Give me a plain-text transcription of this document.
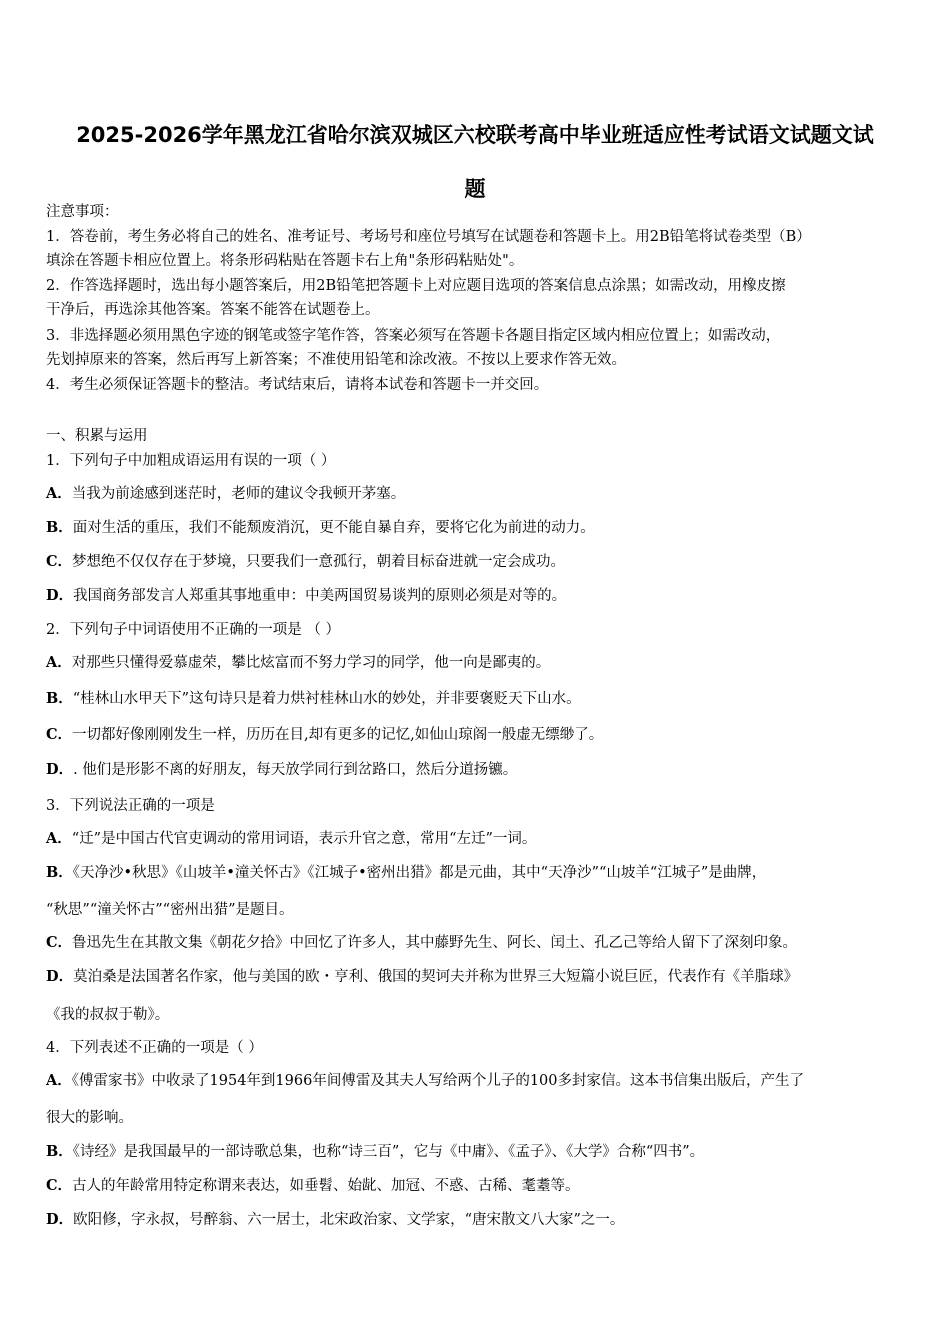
2025-2026学年黑龙江省哈尔滨双城区六校联考高中毕业班适应性考试语文试题文试
题
注意事项：
1．答卷前，考生务必将自己的姓名、准考证号、考场号和座位号填写在试题卷和答题卡上。用2B铅笔将试卷类型（B）
填涂在答题卡相应位置上。将条形码粘贴在答题卡右上角"条形码粘贴处"。
2．作答选择题时，选出每小题答案后，用2B铅笔把答题卡上对应题目选项的答案信息点涂黑；如需改动，用橡皮擦
干净后，再选涂其他答案。答案不能答在试题卷上。
3．非选择题必须用黑色字迹的钢笔或签字笔作答，答案必须写在答题卡各题目指定区域内相应位置上；如需改动，
先划掉原来的答案，然后再写上新答案；不准使用铅笔和涂改液。不按以上要求作答无效。
4．考生必须保证答题卡的整洁。考试结束后，请将本试卷和答题卡一并交回。
一、积累与运用
1．下列句子中加粗成语运用有误的一项（ ）
A．当我为前途感到迷茫时，老师的建议令我顿开茅塞。
B．面对生活的重压，我们不能颓废消沉，更不能自暴自弃，要将它化为前进的动力。
C．梦想绝不仅仅存在于梦境，只要我们一意孤行，朝着目标奋进就一定会成功。
D．我国商务部发言人郑重其事地重申：中美两国贸易谈判的原则必须是对等的。
2．下列句子中词语使用不正确的一项是 （ ）
A．对那些只懂得爱慕虚荣，攀比炫富而不努力学习的同学，他一向是鄙夷的。
B．“桂林山水甲天下”这句诗只是着力烘衬桂林山水的妙处，并非要褒贬天下山水。
C．一切都好像刚刚发生一样，历历在目,却有更多的记忆,如仙山琼阁一般虚无缥缈了。
D．. 他们是形影不离的好朋友，每天放学同行到岔路口，然后分道扬镳。
3．下列说法正确的一项是
A．“迁”是中国古代官吏调动的常用词语，表示升官之意，常用“左迁”一词。
B．《天净沙•秋思》《山坡羊•潼关怀古》《江城子•密州出猎》都是元曲，其中“天净沙”“山坡羊“江城子”是曲牌，
“秋思”“潼关怀古”“密州出猎”是题目。
C．鲁迅先生在其散文集《朝花夕拾》中回忆了许多人，其中藤野先生、阿长、闰土、孔乙己等给人留下了深刻印象。
D．莫泊桑是法国著名作家，他与美国的欧・亨利、俄国的契诃夫并称为世界三大短篇小说巨匠，代表作有《羊脂球》
《我的叔叔于勒》。
4．下列表述不正确的一项是（ ）
A．《傅雷家书》中收录了1954年到1966年间傅雷及其夫人写给两个儿子的100多封家信。这本书信集出版后，产生了
很大的影响。
B．《诗经》是我国最早的一部诗歌总集，也称“诗三百”，它与《中庸》、《孟子》、《大学》合称“四书”。
C．古人的年龄常用特定称谓来表达，如垂髫、始龀、加冠、不惑、古稀、耄耋等。
D．欧阳修，字永叔，号醉翁、六一居士，北宋政治家、文学家，“唐宋散文八大家”之一。
